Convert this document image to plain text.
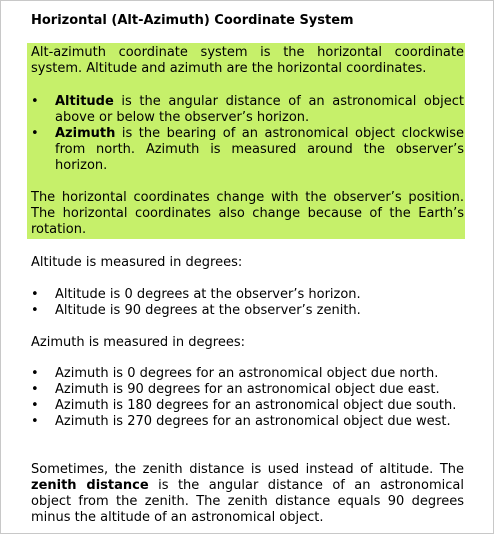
Horizontal (Alt-Azimuth) Coordinate System

Alt-azimuth coordinate system is the horizontal coordinate system. Altitude and azimuth are the horizontal coordinates.

•	Altitude is the angular distance of an astronomical object above or below the observer’s horizon.
•	Azimuth is the bearing of an astronomical object clockwise from north. Azimuth is measured around the observer’s horizon.

The horizontal coordinates change with the observer’s position. The horizontal coordinates also change because of the Earth’s rotation.

Altitude is measured in degrees:

•	Altitude is 0 degrees at the observer’s horizon.
•	Altitude is 90 degrees at the observer’s zenith.

Azimuth is measured in degrees:

•	Azimuth is 0 degrees for an astronomical object due north.
•	Azimuth is 90 degrees for an astronomical object due east.
•	Azimuth is 180 degrees for an astronomical object due south.
•	Azimuth is 270 degrees for an astronomical object due west.

Sometimes, the zenith distance is used instead of altitude. The zenith distance is the angular distance of an astronomical object from the zenith. The zenith distance equals 90 degrees minus the altitude of an astronomical object.
